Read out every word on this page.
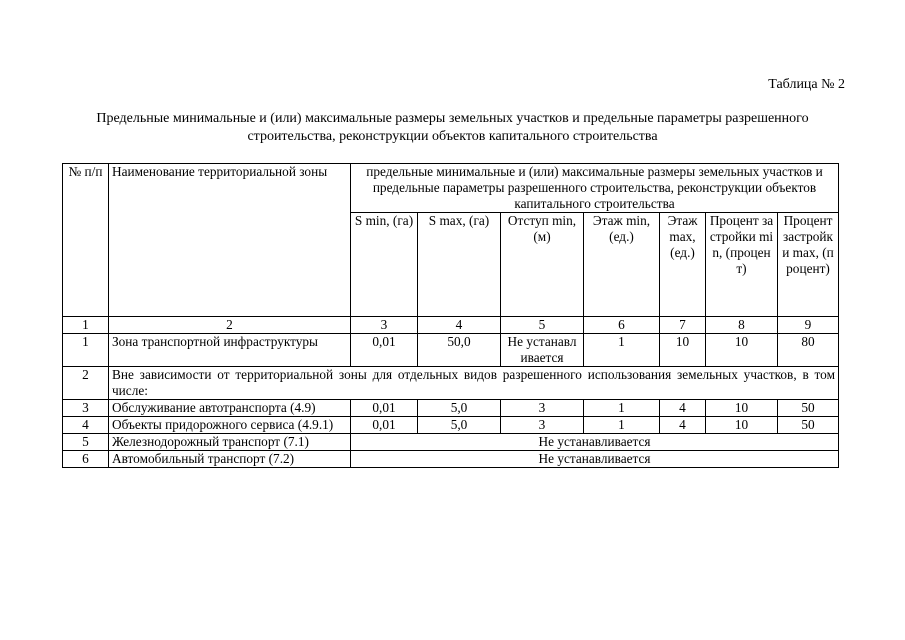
Таблица № 2
Предельные минимальные и (или) максимальные размеры земельных участков и предельные параметры разрешенного строительства, реконструкции объектов капитального строительства
№ п/п	Наименование территориальной зоны	предельные минимальные и (или) максимальные размеры земельных участков и предельные параметры разрешенного строительства, реконструкции объектов капитального строительства						
		S min, (га)	S max, (га)	Отступ min, (м)	Этаж min, (ед.)	Этаж max, (ед.)	Процент застройки min, (процент)	Процент застройки max, (процент)
1	2	3	4	5	6	7	8	9
1	Зона транспортной инфраструктуры	0,01	50,0	Не устанавливается	1	10	10	80
2	Вне зависимости от территориальной зоны для отдельных видов разрешенного использования земельных участков, в том числе:							
3	Обслуживание автотранспорта (4.9)	0,01	5,0	3	1	4	10	50
4	Объекты придорожного сервиса (4.9.1)	0,01	5,0	3	1	4	10	50
5	Железнодорожный транспорт (7.1)	Не устанавливается						
6	Автомобильный транспорт (7.2)	Не устанавливается						
